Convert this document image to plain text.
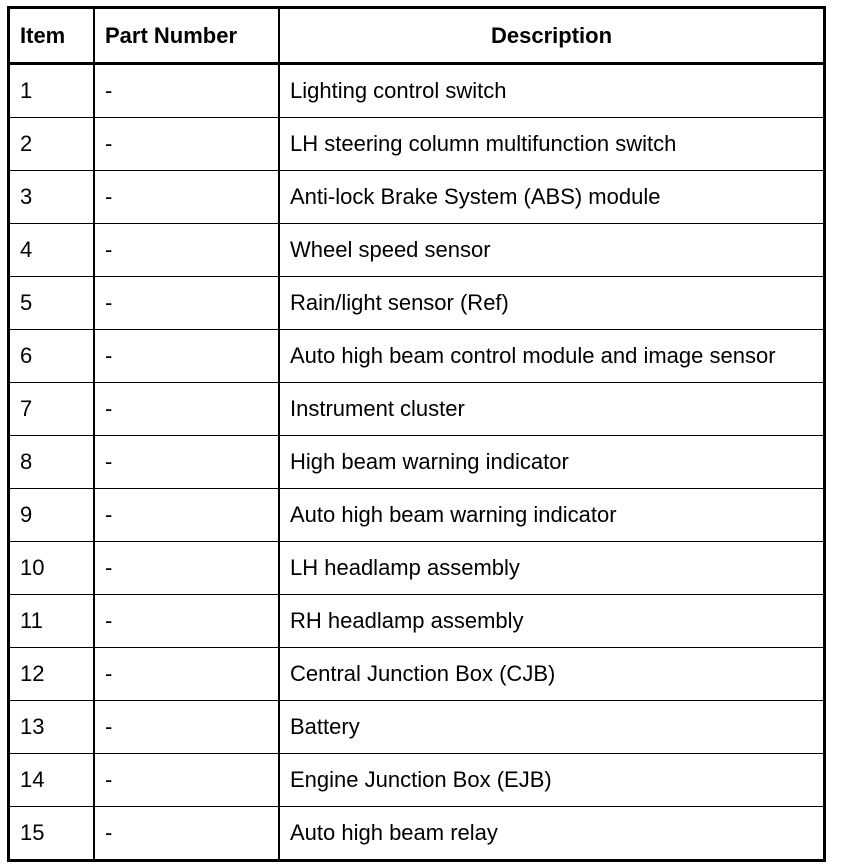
Item	Part Number	Description
1	-	Lighting control switch
2	-	LH steering column multifunction switch
3	-	Anti-lock Brake System (ABS) module
4	-	Wheel speed sensor
5	-	Rain/light sensor (Ref)
6	-	Auto high beam control module and image sensor
7	-	Instrument cluster
8	-	High beam warning indicator
9	-	Auto high beam warning indicator
10	-	LH headlamp assembly
11	-	RH headlamp assembly
12	-	Central Junction Box (CJB)
13	-	Battery
14	-	Engine Junction Box (EJB)
15	-	Auto high beam relay
